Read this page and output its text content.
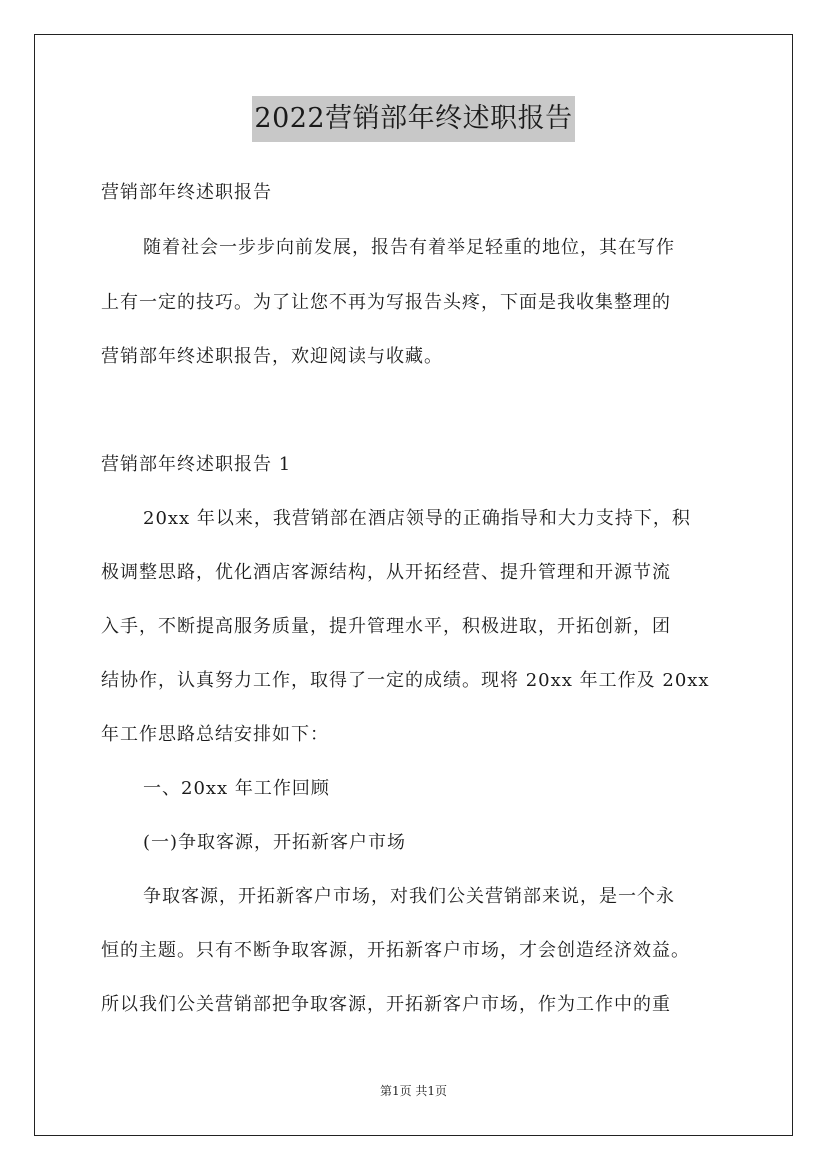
2022营销部年终述职报告
营销部年终述职报告
随着社会一步步向前发展，报告有着举足轻重的地位，其在写作
上有一定的技巧。为了让您不再为写报告头疼，下面是我收集整理的
营销部年终述职报告，欢迎阅读与收藏。
营销部年终述职报告 1
20xx 年以来，我营销部在酒店领导的正确指导和大力支持下，积
极调整思路，优化酒店客源结构，从开拓经营、提升管理和开源节流
入手，不断提高服务质量，提升管理水平，积极进取，开拓创新，团
结协作，认真努力工作，取得了一定的成绩。现将 20xx 年工作及 20xx
年工作思路总结安排如下：
一、20xx 年工作回顾
(一)争取客源，开拓新客户市场
争取客源，开拓新客户市场，对我们公关营销部来说，是一个永
恒的主题。只有不断争取客源，开拓新客户市场，才会创造经济效益。
所以我们公关营销部把争取客源，开拓新客户市场，作为工作中的重
第1页 共1页
